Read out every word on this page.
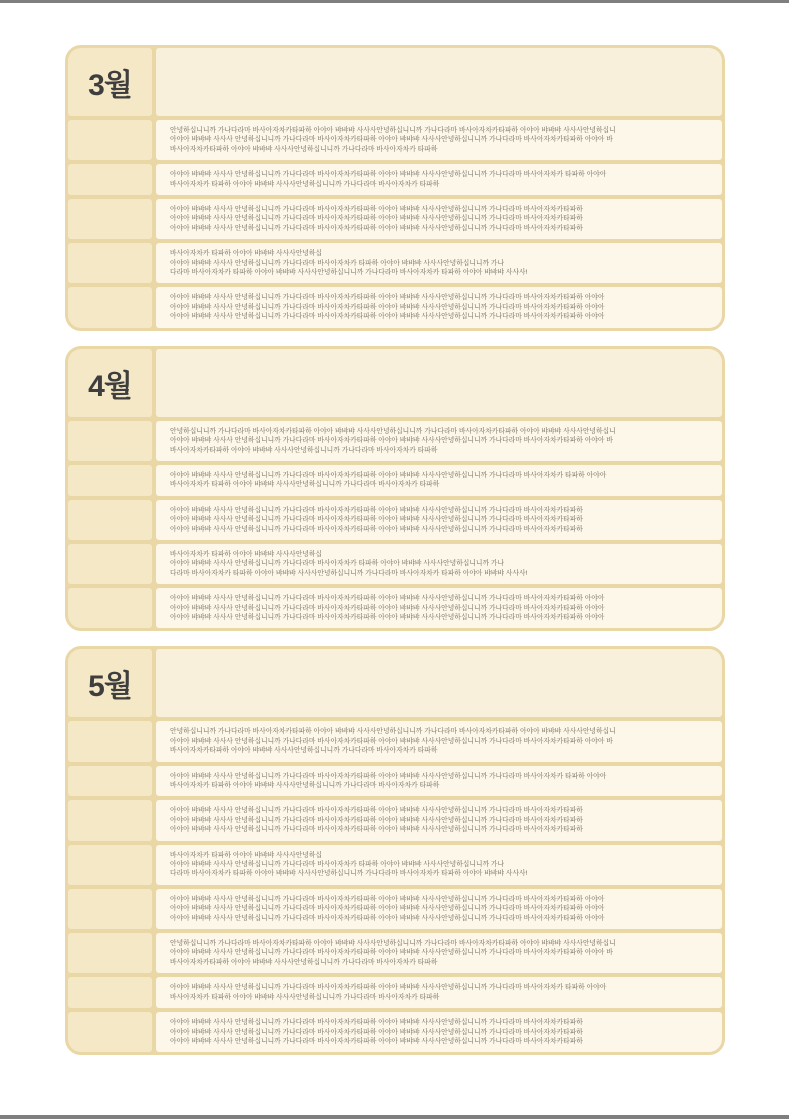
3월
안녕하십니니까 가나다라마 바사아자차카타파하 아야아 뱌뱌뱌 사사사안녕하십니니까 가나다라마 바사아자차카타파하 아야아 뱌뱌뱌 사사사안녕하십니
아야아 뱌뱌뱌 사사사 안녕하십니니까 가나다라마 바사아자차카타파하 아야아 뱌뱌뱌 사사사안녕하십니니까 가나다라마 바사아자차카타파하 아야아 바
바사아자차카타파하 아야아 뱌뱌뱌 사사사안녕하십니니까 가나다라마 바사아자차카 타파하
아야아 뱌뱌뱌 사사사 안녕하십니니까 가나다라마 바사아자차카타파하 아야아 뱌뱌뱌 사사사안녕하십니니까 가나다라마 바사아자차카 타파하 아야아
바사아자차카 타파하 아야아 뱌뱌뱌 사사사안녕하십니니까 가나다라마 바사아자차카 타파하
아야아 뱌뱌뱌 사사사 안녕하십니니까 가나다라마 바사아자차카타파하 아야아 뱌뱌뱌 사사사안녕하십니니까 가나다라마 바사아자차카타파하
아야아 뱌뱌뱌 사사사 안녕하십니니까 가나다라마 바사아자차카타파하 아야아 뱌뱌뱌 사사사안녕하십니니까 가나다라마 바사아자차카타파하
아야아 뱌뱌뱌 사사사 안녕하십니니까 가나다라마 바사아자차카타파하 아야아 뱌뱌뱌 사사사안녕하십니니까 가나다라마 바사아자차카타파하
바사아자차카 타파하 아야아 뱌뱌뱌 사사사안녕하십
아야아 뱌뱌뱌 사사사 안녕하십니니까 가나다라마 바사아자차카 타파하 아야아 뱌뱌뱌 사사사안녕하십니니까 가나
다라마 바사아자차카 타파하 아야아 뱌뱌뱌 사사사안녕하십니니까 가나다라마 바사아자차카 타파하 아야아 뱌뱌뱌 사사사!
아야아 뱌뱌뱌 사사사 안녕하십니니까 가나다라마 바사아자차카타파하 아야아 뱌뱌뱌 사사사안녕하십니니까 가나다라마 바사아자차카타파하 아야아
아야아 뱌뱌뱌 사사사 안녕하십니니까 가나다라마 바사아자차카타파하 아야아 뱌뱌뱌 사사사안녕하십니니까 가나다라마 바사아자차카타파하 아야아
아야아 뱌뱌뱌 사사사 안녕하십니니까 가나다라마 바사아자차카타파하 아야아 뱌뱌뱌 사사사안녕하십니니까 가나다라마 바사아자차카타파하 아야아
4월
안녕하십니니까 가나다라마 바사아자차카타파하 아야아 뱌뱌뱌 사사사안녕하십니니까 가나다라마 바사아자차카타파하 아야아 뱌뱌뱌 사사사안녕하십니
아야아 뱌뱌뱌 사사사 안녕하십니니까 가나다라마 바사아자차카타파하 아야아 뱌뱌뱌 사사사안녕하십니니까 가나다라마 바사아자차카타파하 아야아 바
바사아자차카타파하 아야아 뱌뱌뱌 사사사안녕하십니니까 가나다라마 바사아자차카 타파하
아야아 뱌뱌뱌 사사사 안녕하십니니까 가나다라마 바사아자차카타파하 아야아 뱌뱌뱌 사사사안녕하십니니까 가나다라마 바사아자차카 타파하 아야아
바사아자차카 타파하 아야아 뱌뱌뱌 사사사안녕하십니니까 가나다라마 바사아자차카 타파하
아야아 뱌뱌뱌 사사사 안녕하십니니까 가나다라마 바사아자차카타파하 아야아 뱌뱌뱌 사사사안녕하십니니까 가나다라마 바사아자차카타파하
아야아 뱌뱌뱌 사사사 안녕하십니니까 가나다라마 바사아자차카타파하 아야아 뱌뱌뱌 사사사안녕하십니니까 가나다라마 바사아자차카타파하
아야아 뱌뱌뱌 사사사 안녕하십니니까 가나다라마 바사아자차카타파하 아야아 뱌뱌뱌 사사사안녕하십니니까 가나다라마 바사아자차카타파하
바사아자차카 타파하 아야아 뱌뱌뱌 사사사안녕하십
아야아 뱌뱌뱌 사사사 안녕하십니니까 가나다라마 바사아자차카 타파하 아야아 뱌뱌뱌 사사사안녕하십니니까 가나
다라마 바사아자차카 타파하 아야아 뱌뱌뱌 사사사안녕하십니니까 가나다라마 바사아자차카 타파하 아야아 뱌뱌뱌 사사사!
아야아 뱌뱌뱌 사사사 안녕하십니니까 가나다라마 바사아자차카타파하 아야아 뱌뱌뱌 사사사안녕하십니니까 가나다라마 바사아자차카타파하 아야아
아야아 뱌뱌뱌 사사사 안녕하십니니까 가나다라마 바사아자차카타파하 아야아 뱌뱌뱌 사사사안녕하십니니까 가나다라마 바사아자차카타파하 아야아
아야아 뱌뱌뱌 사사사 안녕하십니니까 가나다라마 바사아자차카타파하 아야아 뱌뱌뱌 사사사안녕하십니니까 가나다라마 바사아자차카타파하 아야아
5월
안녕하십니니까 가나다라마 바사아자차카타파하 아야아 뱌뱌뱌 사사사안녕하십니니까 가나다라마 바사아자차카타파하 아야아 뱌뱌뱌 사사사안녕하십니
아야아 뱌뱌뱌 사사사 안녕하십니니까 가나다라마 바사아자차카타파하 아야아 뱌뱌뱌 사사사안녕하십니니까 가나다라마 바사아자차카타파하 아야아 바
바사아자차카타파하 아야아 뱌뱌뱌 사사사안녕하십니니까 가나다라마 바사아자차카 타파하
아야아 뱌뱌뱌 사사사 안녕하십니니까 가나다라마 바사아자차카타파하 아야아 뱌뱌뱌 사사사안녕하십니니까 가나다라마 바사아자차카 타파하 아야아
바사아자차카 타파하 아야아 뱌뱌뱌 사사사안녕하십니니까 가나다라마 바사아자차카 타파하
아야아 뱌뱌뱌 사사사 안녕하십니니까 가나다라마 바사아자차카타파하 아야아 뱌뱌뱌 사사사안녕하십니니까 가나다라마 바사아자차카타파하
아야아 뱌뱌뱌 사사사 안녕하십니니까 가나다라마 바사아자차카타파하 아야아 뱌뱌뱌 사사사안녕하십니니까 가나다라마 바사아자차카타파하
아야아 뱌뱌뱌 사사사 안녕하십니니까 가나다라마 바사아자차카타파하 아야아 뱌뱌뱌 사사사안녕하십니니까 가나다라마 바사아자차카타파하
바사아자차카 타파하 아야아 뱌뱌뱌 사사사안녕하십
아야아 뱌뱌뱌 사사사 안녕하십니니까 가나다라마 바사아자차카 타파하 아야아 뱌뱌뱌 사사사안녕하십니니까 가나
다라마 바사아자차카 타파하 아야아 뱌뱌뱌 사사사안녕하십니니까 가나다라마 바사아자차카 타파하 아야아 뱌뱌뱌 사사사!
아야아 뱌뱌뱌 사사사 안녕하십니니까 가나다라마 바사아자차카타파하 아야아 뱌뱌뱌 사사사안녕하십니니까 가나다라마 바사아자차카타파하 아야아
아야아 뱌뱌뱌 사사사 안녕하십니니까 가나다라마 바사아자차카타파하 아야아 뱌뱌뱌 사사사안녕하십니니까 가나다라마 바사아자차카타파하 아야아
아야아 뱌뱌뱌 사사사 안녕하십니니까 가나다라마 바사아자차카타파하 아야아 뱌뱌뱌 사사사안녕하십니니까 가나다라마 바사아자차카타파하 아야아
안녕하십니니까 가나다라마 바사아자차카타파하 아야아 뱌뱌뱌 사사사안녕하십니니까 가나다라마 바사아자차카타파하 아야아 뱌뱌뱌 사사사안녕하십니
아야아 뱌뱌뱌 사사사 안녕하십니니까 가나다라마 바사아자차카타파하 아야아 뱌뱌뱌 사사사안녕하십니니까 가나다라마 바사아자차카타파하 아야아 바
바사아자차카타파하 아야아 뱌뱌뱌 사사사안녕하십니니까 가나다라마 바사아자차카 타파하
아야아 뱌뱌뱌 사사사 안녕하십니니까 가나다라마 바사아자차카타파하 아야아 뱌뱌뱌 사사사안녕하십니니까 가나다라마 바사아자차카 타파하 아야아
바사아자차카 타파하 아야아 뱌뱌뱌 사사사안녕하십니니까 가나다라마 바사아자차카 타파하
아야아 뱌뱌뱌 사사사 안녕하십니니까 가나다라마 바사아자차카타파하 아야아 뱌뱌뱌 사사사안녕하십니니까 가나다라마 바사아자차카타파하
아야아 뱌뱌뱌 사사사 안녕하십니니까 가나다라마 바사아자차카타파하 아야아 뱌뱌뱌 사사사안녕하십니니까 가나다라마 바사아자차카타파하
아야아 뱌뱌뱌 사사사 안녕하십니니까 가나다라마 바사아자차카타파하 아야아 뱌뱌뱌 사사사안녕하십니니까 가나다라마 바사아자차카타파하
